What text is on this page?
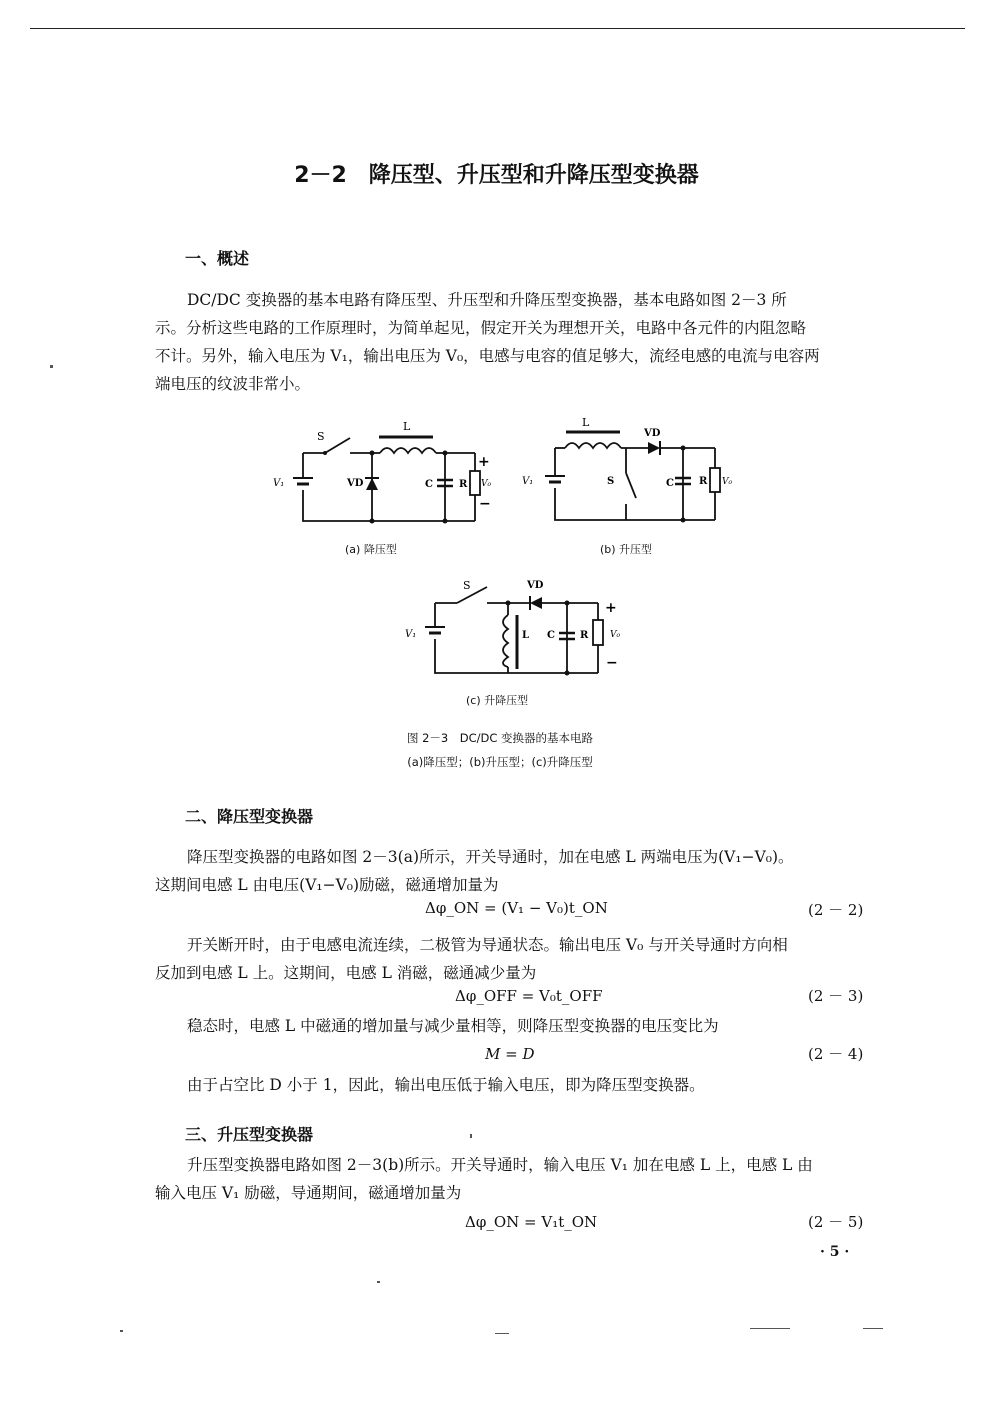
2－2　降压型、升压型和升降压型变换器
一、概述
DC/DC 变换器的基本电路有降压型、升压型和升降压型变换器，基本电路如图 2－3 所
示。分析这些电路的工作原理时，为简单起见，假定开关为理想开关，电路中各元件的内阻忽略
不计。另外，输入电压为 V₁，输出电压为 V₀，电感与电容的值足够大，流经电感的电流与电容两
端电压的纹波非常小。
S
L
V₁	VD	C	R V₀
+
−
(a) 降压型
L
VD
V₁	S	C	R V₀
(b) 升压型
S	VD
V₁	L C	R V₀
+
−
(c) 升降压型
图 2－3　DC/DC 变换器的基本电路
(a)降压型；(b)升压型；(c)升降压型
二、降压型变换器
降压型变换器的电路如图 2－3(a)所示，开关导通时，加在电感 L 两端电压为(V₁−V₀)。
这期间电感 L 由电压(V₁−V₀)励磁，磁通增加量为
Δφ_ON = (V₁ − V₀)t_ON	(2 － 2)
开关断开时，由于电感电流连续，二极管为导通状态。输出电压 V₀ 与开关导通时方向相
反加到电感 L 上。这期间，电感 L 消磁，磁通减少量为
Δφ_OFF = V₀t_OFF	(2 － 3)
稳态时，电感 L 中磁通的增加量与减少量相等，则降压型变换器的电压变比为
M = D	(2 － 4)
由于占空比 D 小于 1，因此，输出电压低于输入电压，即为降压型变换器。
三、升压型变换器
升压型变换器电路如图 2－3(b)所示。开关导通时，输入电压 V₁ 加在电感 L 上，电感 L 由
输入电压 V₁ 励磁，导通期间，磁通增加量为
Δφ_ON = V₁t_ON	(2 － 5)
· 5 ·
